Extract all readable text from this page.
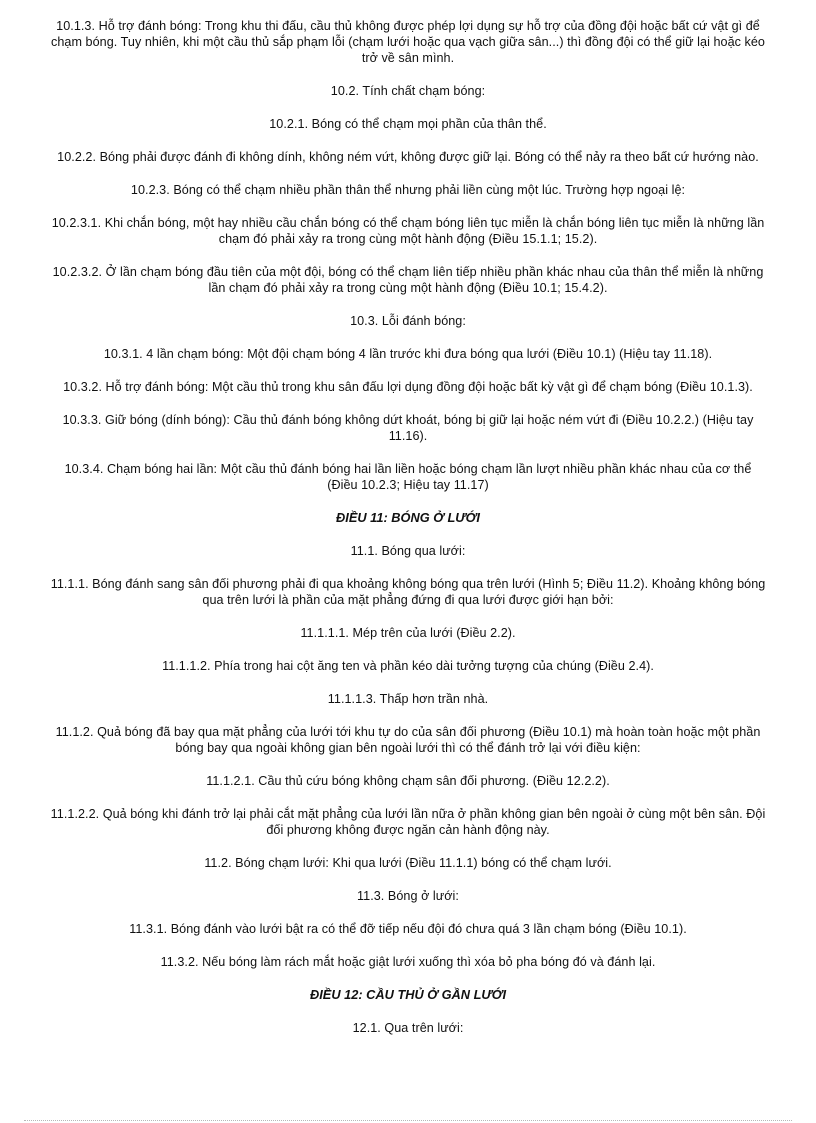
10.1.3. Hỗ trợ đánh bóng: Trong khu thi đấu, cầu thủ không được phép lợi dụng sự hỗ trợ của đồng đội hoặc bất cứ vật gì để chạm bóng. Tuy nhiên, khi một cầu thủ sắp phạm lỗi (chạm lưới hoặc qua vạch giữa sân...) thì đồng đội có thể giữ lại hoặc kéo trở về sân mình.

10.2. Tính chất chạm bóng:

10.2.1. Bóng có thể chạm mọi phần của thân thể.

10.2.2. Bóng phải được đánh đi không dính, không ném vứt, không được giữ lại. Bóng có thể nảy ra theo bất cứ hướng nào.

10.2.3. Bóng có thể chạm nhiều phần thân thể nhưng phải liền cùng một lúc. Trường hợp ngoại lệ:

10.2.3.1. Khi chắn bóng, một hay nhiều cầu chắn bóng có thể chạm bóng liên tục miễn là chắn bóng liên tục miễn là những lần chạm đó phải xảy ra trong cùng một hành động (Điều 15.1.1; 15.2).

10.2.3.2. Ở lần chạm bóng đầu tiên của một đội, bóng có thể chạm liên tiếp nhiều phần khác nhau của thân thể miễn là những lần chạm đó phải xảy ra trong cùng một hành động (Điều 10.1; 15.4.2).

10.3. Lỗi đánh bóng:

10.3.1. 4 lần chạm bóng: Một đội chạm bóng 4 lần trước khi đưa bóng qua lưới (Điều 10.1) (Hiệu tay 11.18).

10.3.2. Hỗ trợ đánh bóng: Một cầu thủ trong khu sân đấu lợi dụng đồng đội hoặc bất kỳ vật gì để chạm bóng (Điều 10.1.3).

10.3.3. Giữ bóng (dính bóng): Cầu thủ đánh bóng không dứt khoát, bóng bị giữ lại hoặc ném vứt đi (Điều 10.2.2.) (Hiệu tay 11.16).

10.3.4. Chạm bóng hai lần: Một cầu thủ đánh bóng hai lần liền hoặc bóng chạm lần lượt nhiều phần khác nhau của cơ thể (Điều 10.2.3; Hiệu tay 11.17)

ĐIỀU 11: BÓNG Ở LƯỚI

11.1. Bóng qua lưới:

11.1.1. Bóng đánh sang sân đối phương phải đi qua khoảng không bóng qua trên lưới (Hình 5; Điều 11.2). Khoảng không bóng qua trên lưới là phần của mặt phẳng đứng đi qua lưới được giới hạn bởi:

11.1.1.1. Mép trên của lưới (Điều 2.2).

11.1.1.2. Phía trong hai cột ăng ten và phần kéo dài tưởng tượng của chúng (Điều 2.4).

11.1.1.3. Thấp hơn trần nhà.

11.1.2. Quả bóng đã bay qua mặt phẳng của lưới tới khu tự do của sân đối phương (Điều 10.1) mà hoàn toàn hoặc một phần bóng bay qua ngoài không gian bên ngoài lưới thì có thể đánh trở lại với điều kiện:

11.1.2.1. Cầu thủ cứu bóng không chạm sân đối phương. (Điều 12.2.2).

11.1.2.2. Quả bóng khi đánh trở lại phải cắt mặt phẳng của lưới lần nữa ở phần không gian bên ngoài ở cùng một bên sân. Đội đối phương không được ngăn cản hành động này.

11.2. Bóng chạm lưới: Khi qua lưới (Điều 11.1.1) bóng có thể chạm lưới.

11.3. Bóng ở lưới:

11.3.1. Bóng đánh vào lưới bật ra có thể đỡ tiếp nếu đội đó chưa quá 3 lần chạm bóng (Điều 10.1).

11.3.2. Nếu bóng làm rách mắt hoặc giật lưới xuống thì xóa bỏ pha bóng đó và đánh lại.

ĐIỀU 12: CẦU THỦ Ở GẦN LƯỚI

12.1. Qua trên lưới:
